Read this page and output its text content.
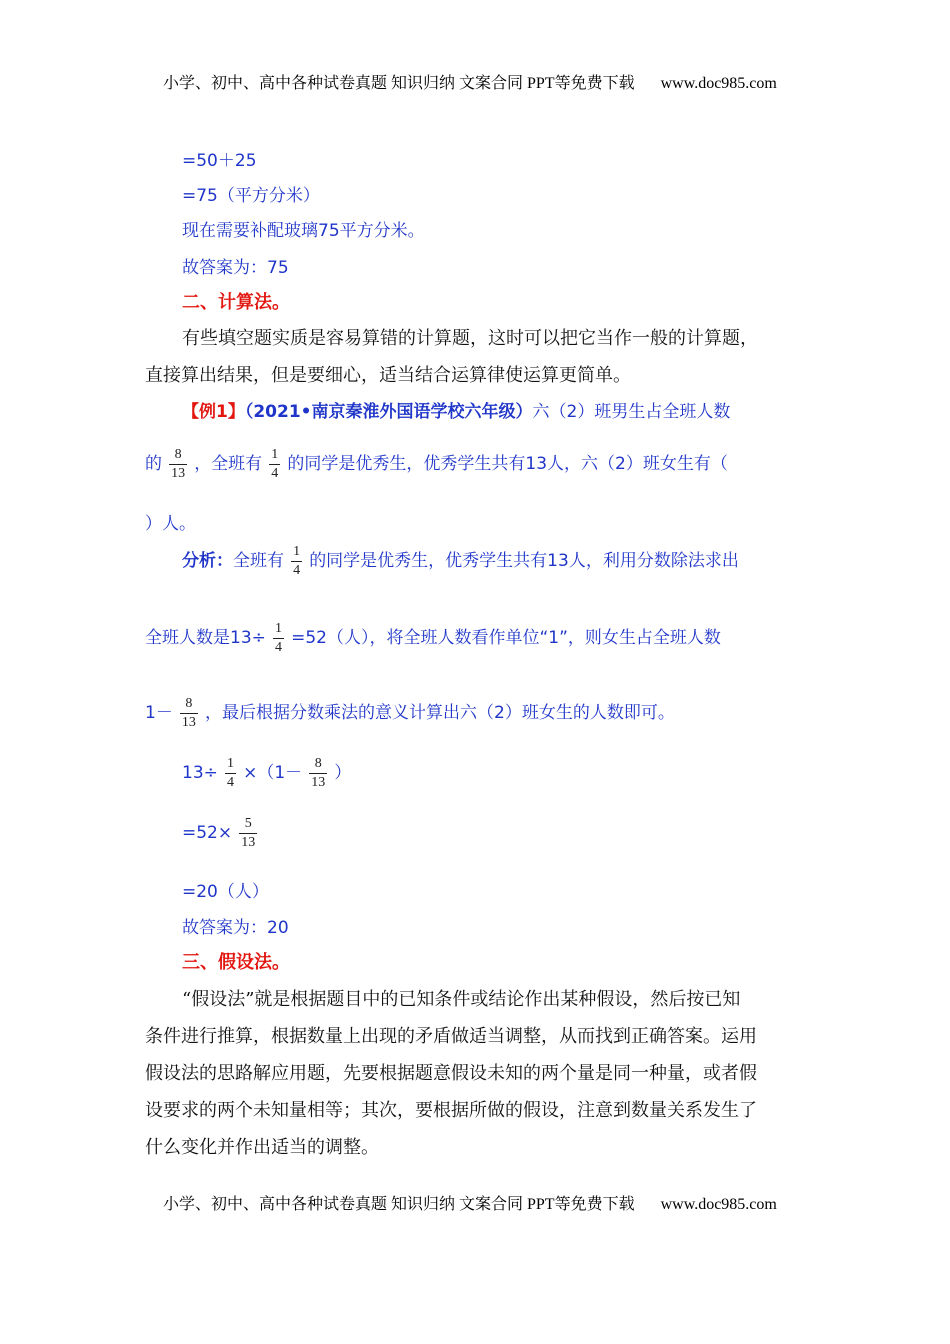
小学、初中、高中各种试卷真题 知识归纳 文案合同 PPT等免费下载 www.doc985.com
=50＋25
=75（平方分米）
现在需要补配玻璃75平方分米。
故答案为：75
二、计算法。
有些填空题实质是容易算错的计算题，这时可以把它当作一般的计算题，
直接算出结果，但是要细心，适当结合运算律使运算更简单。
【例1】（2021•南京秦淮外国语学校六年级）六（2）班男生占全班人数
的 $\frac{8}{13}$ ，全班有 $\frac{1}{4}$ 的同学是优秀生，优秀学生共有13人，六（2）班女生有（
）人。
分析：全班有 $\frac{1}{4}$ 的同学是优秀生，优秀学生共有13人，利用分数除法求出
全班人数是$13\div \frac{1}{4} =52$（人），将全班人数看作单位“1”，则女生占全班人数
$1- \frac{8}{13}$ ，最后根据分数乘法的意义计算出六（2）班女生的人数即可。
$13\div \frac{1}{4} \times(1- \frac{8}{13}$ ）
$=52\times \frac{5}{13}$
=20（人）
故答案为：20
三、假设法。
“假设法”就是根据题目中的已知条件或结论作出某种假设，然后按已知
条件进行推算，根据数量上出现的矛盾做适当调整，从而找到正确答案。运用
假设法的思路解应用题，先要根据题意假设未知的两个量是同一种量，或者假
设要求的两个未知量相等；其次，要根据所做的假设，注意到数量关系发生了
什么变化并作出适当的调整。
小学、初中、高中各种试卷真题 知识归纳 文案合同 PPT等免费下载 www.doc985.com
